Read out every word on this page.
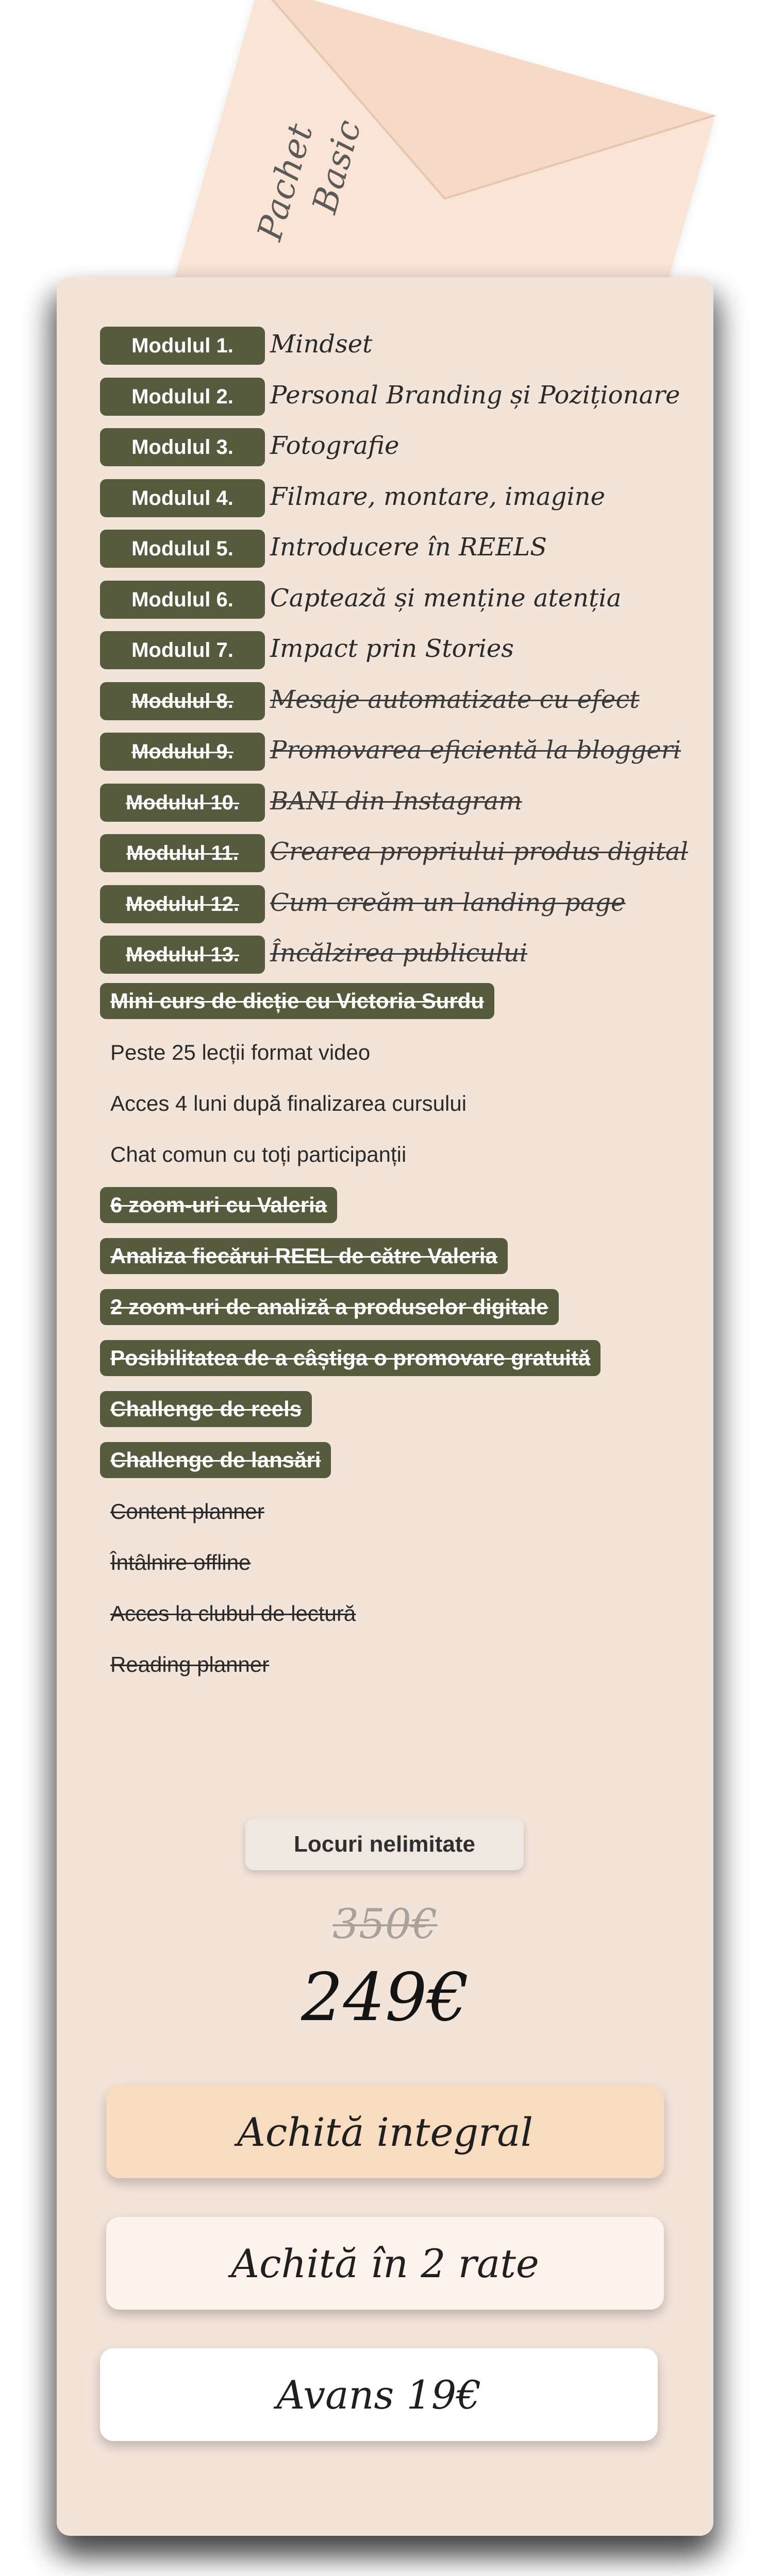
Pachet
Basic
Modulul 1.	Mindset
Modulul 2.	Personal Branding și Poziționare
Modulul 3.	Fotografie
Modulul 4.	Filmare, montare, imagine
Modulul 5.	Introducere în REELS
Modulul 6.	Captează și menține atenția
Modulul 7.	Impact prin Stories
Modulul 8.	Mesaje automatizate cu efect
Modulul 9.	Promovarea eficientă la bloggeri
Modulul 10.	BANI din Instagram
Modulul 11.	Crearea propriului produs digital
Modulul 12.	Cum creăm un landing page
Modulul 13.	Încălzirea publicului
Mini curs de dicție cu Victoria Surdu
Peste 25 lecții format video
Acces 4 luni după finalizarea cursului
Chat comun cu toți participanții
6 zoom-uri cu Valeria
Analiza fiecărui REEL de către Valeria
2 zoom-uri de analiză a produselor digitale
Posibilitatea de a câștiga o promovare gratuită
Challenge de reels
Challenge de lansări
Content planner
Întâlnire offline
Acces la clubul de lectură
Reading planner
Locuri nelimitate
350€
249€
Achită integral
Achită în 2 rate
Avans 19€
